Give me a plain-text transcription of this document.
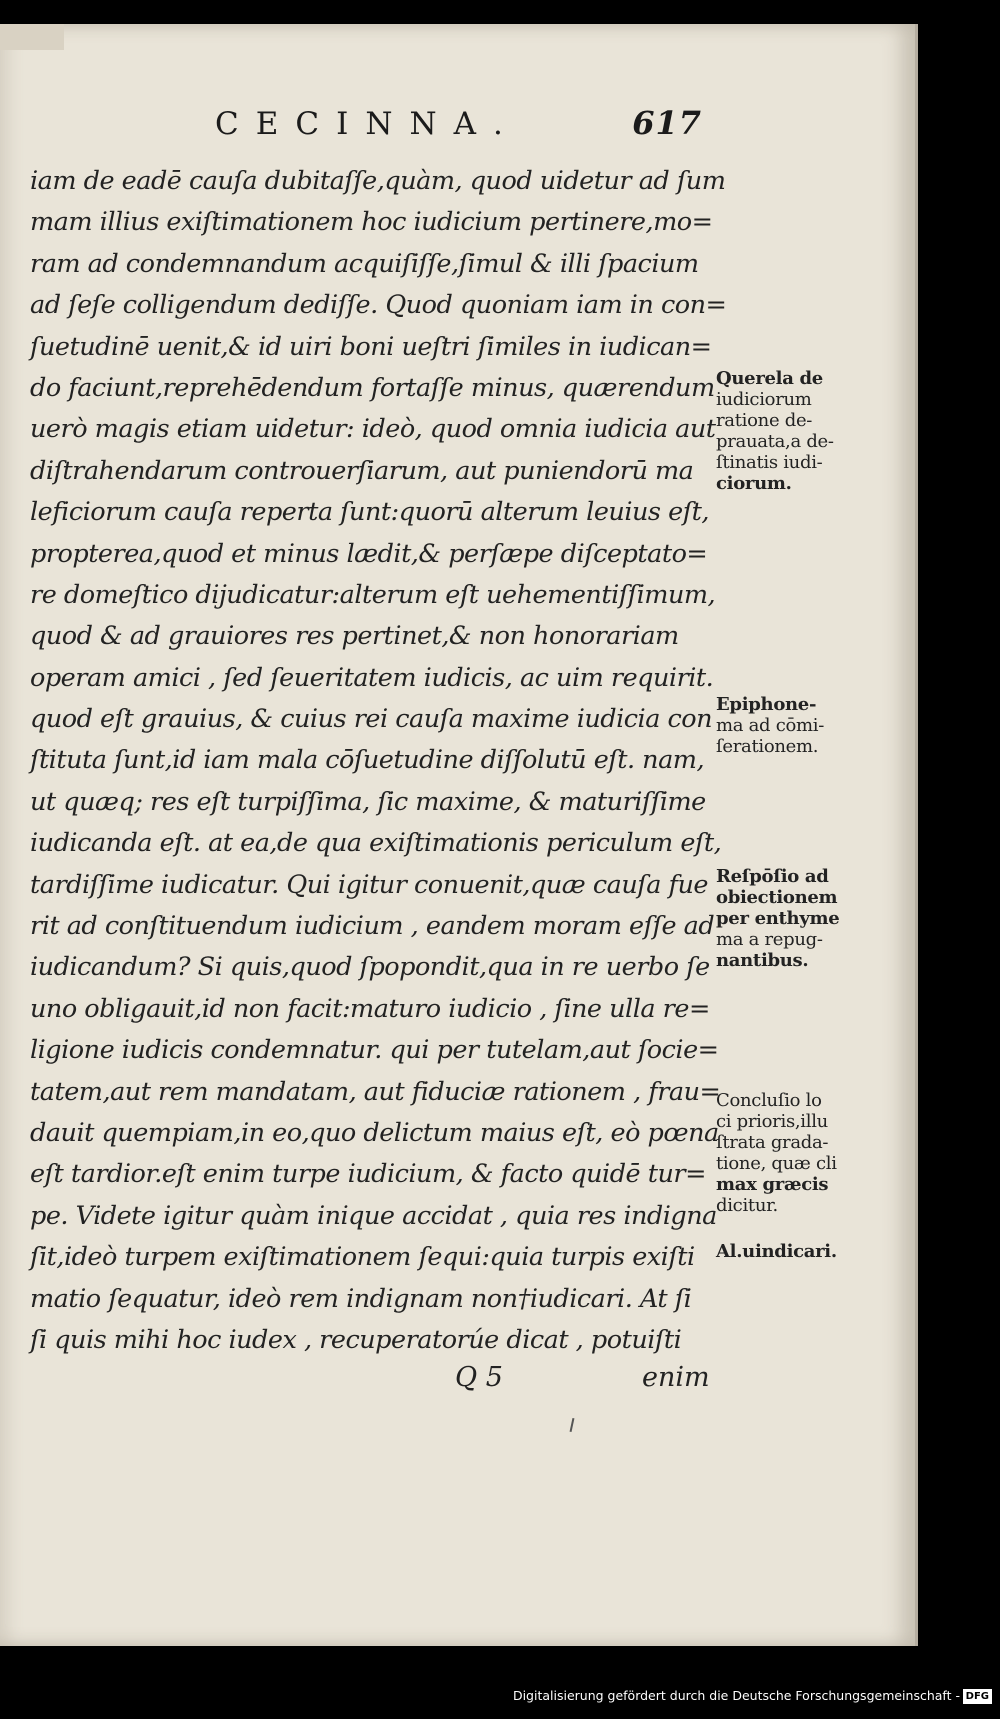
CECINNA.	617
iam de eadē cauſa dubitaſſe,quàm, quod uidetur ad ſum
mam illius exiſtimationem hoc iudicium pertinere,mo=
ram ad condemnandum acquiſiſſe,ſimul & illi ſpacium
ad ſeſe colligendum dediſſe. Quod quoniam iam in con=
ſuetudinē uenit,& id uiri boni ueſtri ſimiles in iudican=
do faciunt,reprehēdendum fortaſſe minus, quærendum
uerò magis etiam uidetur: ideò, quod omnia iudicia aut
diſtrahendarum controuerſiarum, aut puniendorū ma
leficiorum cauſa reperta ſunt:quorū alterum leuius eſt,
propterea,quod et minus lædit,& perſæpe diſceptato=
re domeſtico dijudicatur:alterum eſt uehementiſſimum,
quod & ad grauiores res pertinet,& non honorariam
operam amici , ſed ſeueritatem iudicis, ac uim requirit.
quod eſt grauius, & cuius rei cauſa maxime iudicia con
ſtituta ſunt,id iam mala cōſuetudine diſſolutū eſt. nam,
ut quæq; res eſt turpiſſima, ſic maxime, & maturiſſime
iudicanda eſt. at ea,de qua exiſtimationis periculum eſt,
tardiſſime iudicatur. Qui igitur conuenit,quæ cauſa fue
rit ad conſtituendum iudicium , eandem moram eſſe ad
iudicandum? Si quis,quod ſpopondit,qua in re uerbo ſe
uno obligauit,id non facit:maturo iudicio , ſine ulla re=
ligione iudicis condemnatur. qui per tutelam,aut ſocie=
tatem,aut rem mandatam, aut fiduciæ rationem , frau=
dauit quempiam,in eo,quo delictum maius eſt, eò pœna
eſt tardior.eſt enim turpe iudicium, & facto quidē tur=
pe. Videte igitur quàm inique accidat , quia res indigna
ſit,ideò turpem exiſtimationem ſequi:quia turpis exiſti
matio ſequatur, ideò rem indignam non†iudicari. At ſi
ſi quis mihi hoc iudex , recuperatorúe dicat , potuiſti
Q 5	enim
Querela de
iudiciorum
ratione de-
prauata,a de-
ſtinatis iudi-
ciorum.
Epiphone-
ma ad cōmi-
ſerationem.
Reſpōſio ad
obiectionem
per enthyme
ma a repug-
nantibus.
Concluſio lo
ci prioris,illu
ſtrata grada-
tione, quæ cli
max græcis
dicitur.
Al.uindicari.
Digitalisierung gefördert durch die Deutsche Forschungsgemeinschaft - DFG
